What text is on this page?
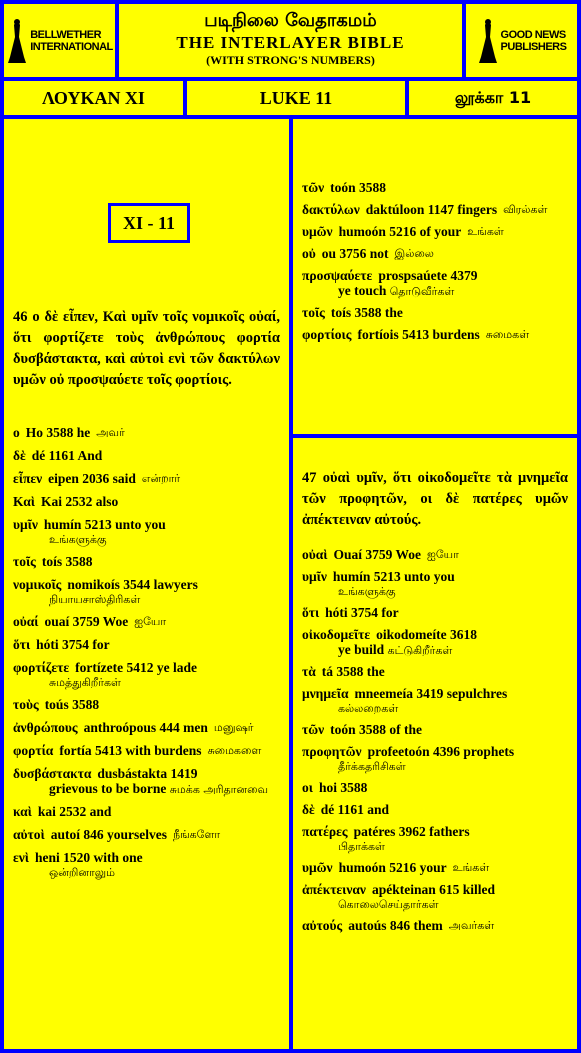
BELLWETHER
INTERNATIONAL
படிநிலை வேதாகமம்
THE INTERLAYER BIBLE
(WITH STRONG'S NUMBERS)
GOOD NEWS
PUBLISHERS
ΛΟΥΚΑΝ XI	LUKE 11	லூக்கா 11
XI - 11
46 ο δὲ εἶπεν, Καὶ υμῖν τοῖς νομικοῖς οὐαί, ὅτι φορτίζετε τοὺς ἀνθρώπους φορτία δυσβάστακτα, καὶ αὐτοὶ ενὶ τῶν δακτύλων υμῶν οὐ προσψαύετε τοῖς φορτίοις.
ο Ho 3588 he அவர்
δὲ dé 1161 And
εἶπεν eipen 2036 said என்றார்
Καὶ Kai 2532 also
υμῖν humín 5213 unto you
உங்களுக்கு
τοῖς toís 3588
νομικοῖς nomikoís 3544 lawyers
நியாயசாஸ்திரிகள்
οὐαί ouaí 3759 Woe ஐயோ
ὅτι hóti 3754 for
φορτίζετε fortízete 5412 ye lade
சுமத்துகிறீர்கள்
τοὺς toús 3588
ἀνθρώπους anthroópous 444 men மனுஷர்
φορτία fortía 5413 with burdens சுமைகளை
δυσβάστακτα dusbástakta 1419
grievous to be borne சுமக்க அரிதானவை
καὶ kai 2532 and
αὐτοὶ autoí 846 yourselves நீங்களோ
ενὶ heni 1520 with one
ஒன்றினாலும்
τῶν toón 3588
δακτύλων daktúloon 1147 fingers விரல்கள்
υμῶν humoón 5216 of your உங்கள்
οὐ ou 3756 not இல்லை
προσψαύετε prospsaúete 4379
ye touch தொடுவீர்கள்
τοῖς toís 3588 the
φορτίοις fortíois 5413 burdens சுமைகள்
47 οὐαὶ υμῖν, ὅτι οἰκοδομεῖτε τὰ μνημεῖα τῶν προφητῶν, οι δὲ πατέρες υμῶν ἀπέκτειναν αὐτούς.
οὐαὶ Ouaí 3759 Woe ஐயோ
υμῖν humín 5213 unto you
உங்களுக்கு
ὅτι hóti 3754 for
οἰκοδομεῖτε oikodomeíte 3618
ye build கட்டுகிறீர்கள்
τὰ tá 3588 the
μνημεῖα mneemeía 3419 sepulchres
கல்லறைகள்
τῶν toón 3588 of the
προφητῶν profeetoón 4396 prophets
தீர்க்கதரிசிகள்
οι hoi 3588
δὲ dé 1161 and
πατέρες patéres 3962 fathers
பிதாக்கள்
υμῶν humoón 5216 your உங்கள்
ἀπέκτειναν apékteinan 615 killed
கொலைசெய்தார்கள்
αὐτούς autoús 846 them அவர்கள்
